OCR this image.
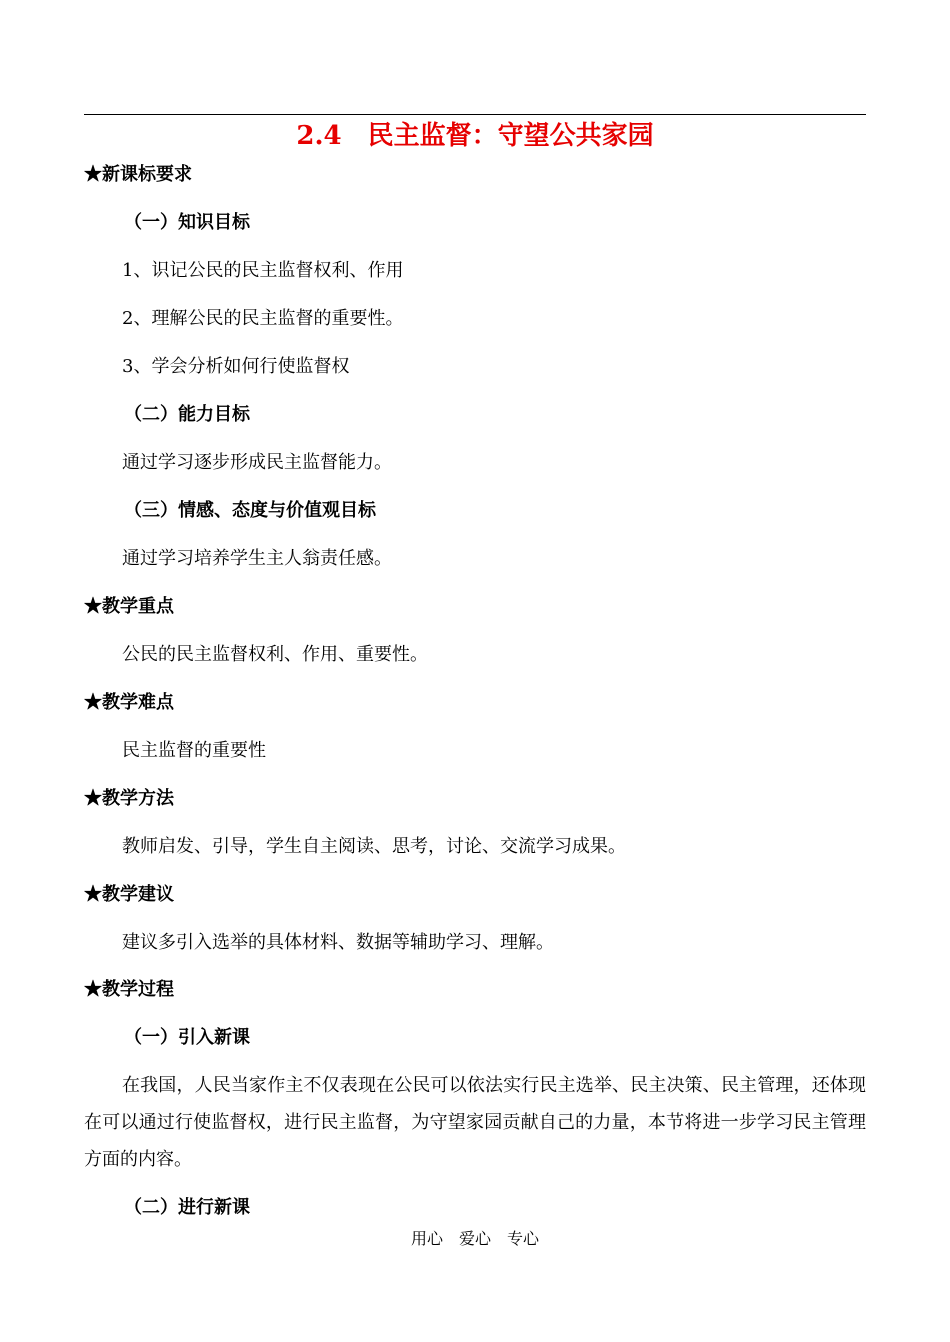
2.4　民主监督：守望公共家园
★新课标要求
（一）知识目标
1、识记公民的民主监督权利、作用
2、理解公民的民主监督的重要性。
3、学会分析如何行使监督权
（二）能力目标
通过学习逐步形成民主监督能力。
（三）情感、态度与价值观目标
通过学习培养学生主人翁责任感。
★教学重点
公民的民主监督权利、作用、重要性。
★教学难点
民主监督的重要性
★教学方法
教师启发、引导，学生自主阅读、思考，讨论、交流学习成果。
★教学建议
建议多引入选举的具体材料、数据等辅助学习、理解。
★教学过程
（一）引入新课
在我国，人民当家作主不仅表现在公民可以依法实行民主选举、民主决策、民主管理，还体现在可以通过行使监督权，进行民主监督，为守望家园贡献自己的力量，本节将进一步学习民主管理方面的内容。
（二）进行新课
用心　爱心　专心
